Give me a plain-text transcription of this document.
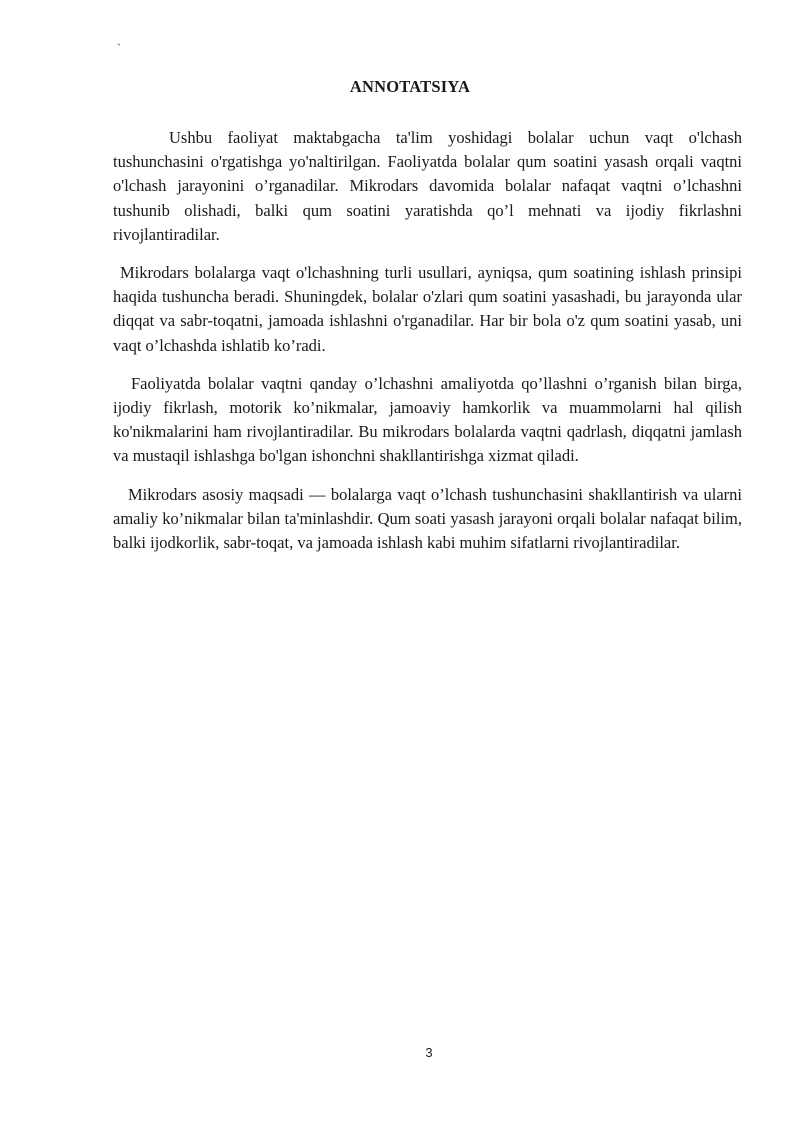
`
ANNOTATSIYA

Ushbu faoliyat maktabgacha ta'lim yoshidagi bolalar uchun vaqt o'lchash tushunchasini o'rgatishga yo'naltirilgan. Faoliyatda bolalar qum soatini yasash orqali vaqtni o'lchash jarayonini o’rganadilar. Mikrodars davomida bolalar nafaqat vaqtni o’lchashni tushunib olishadi, balki qum soatini yaratishda qo’l mehnati va ijodiy fikrlashni rivojlantiradilar.

Mikrodars bolalarga vaqt o'lchashning turli usullari, ayniqsa, qum soatining ishlash prinsipi haqida tushuncha beradi. Shuningdek, bolalar o'zlari qum soatini yasashadi, bu jarayonda ular diqqat va sabr-toqatni, jamoada ishlashni o'rganadilar. Har bir bola o'z qum soatini yasab, uni vaqt o’lchashda ishlatib ko’radi.

Faoliyatda bolalar vaqtni qanday o’lchashni amaliyotda qo’llashni o’rganish bilan birga, ijodiy fikrlash, motorik ko’nikmalar, jamoaviy hamkorlik va muammolarni hal qilish ko'nikmalarini ham rivojlantiradilar. Bu mikrodars bolalarda vaqtni qadrlash, diqqatni jamlash va mustaqil ishlashga bo'lgan ishonchni shakllantirishga xizmat qiladi.

Mikrodars asosiy maqsadi — bolalarga vaqt o’lchash tushunchasini shakllantirish va ularni amaliy ko’nikmalar bilan ta'minlashdir. Qum soati yasash jarayoni orqali bolalar nafaqat bilim, balki ijodkorlik, sabr-toqat, va jamoada ishlash kabi muhim sifatlarni rivojlantiradilar.

3
